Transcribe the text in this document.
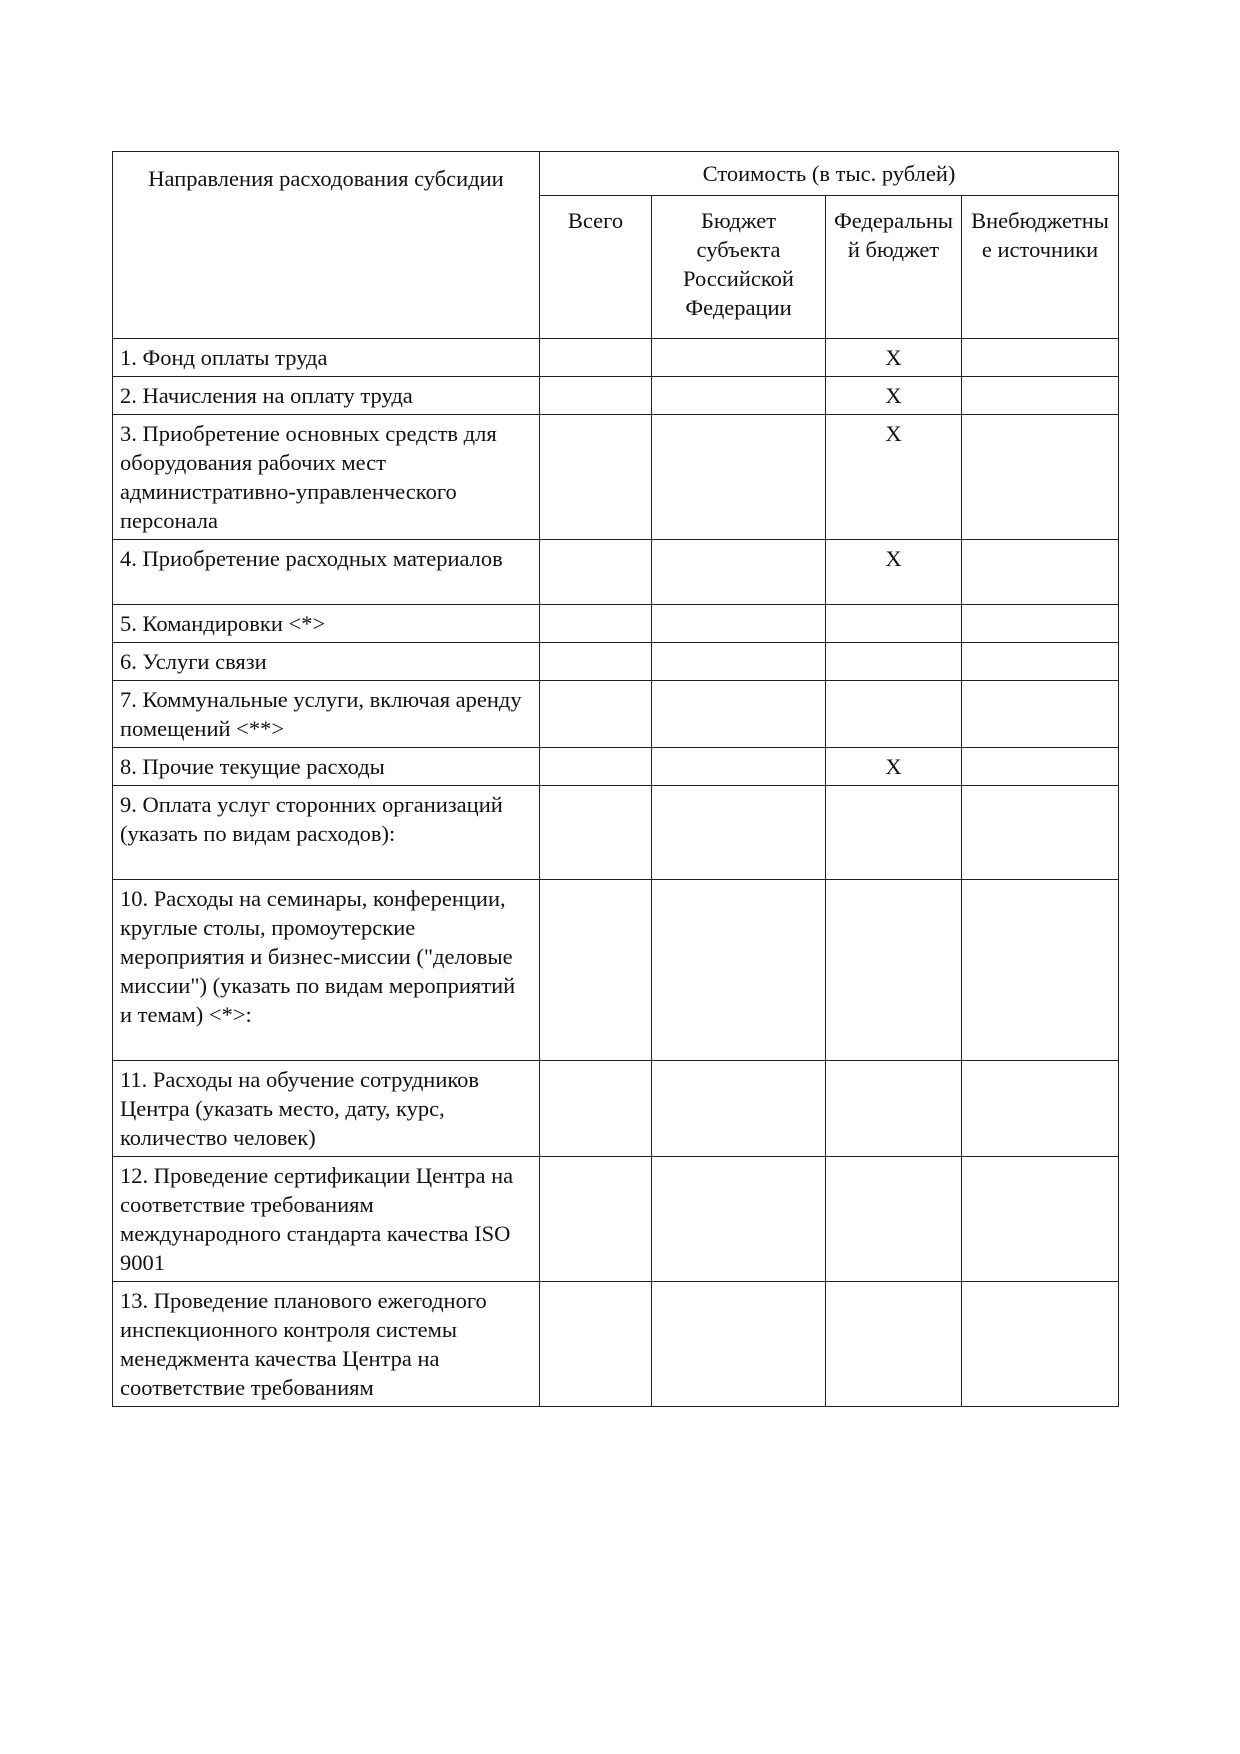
Направления расходования субсидии	Стоимость (в тыс. рублей)			
	Всего	Бюджет субъекта Российской Федерации	Федеральный бюджет	Внебюджетные источники
1. Фонд оплаты труда			X	
2. Начисления на оплату труда			X	
3. Приобретение основных средств для оборудования рабочих мест административно-управленческого персонала			X	
4. Приобретение расходных материалов			X	
5. Командировки <*>				
6. Услуги связи				
7. Коммунальные услуги, включая аренду помещений <**>				
8. Прочие текущие расходы			X	
9. Оплата услуг сторонних организаций (указать по видам расходов):				
10. Расходы на семинары, конференции, круглые столы, промоутерские мероприятия и бизнес-миссии ("деловые миссии") (указать по видам мероприятий и темам) <*>:				
11. Расходы на обучение сотрудников Центра (указать место, дату, курс, количество человек)				
12. Проведение сертификации Центра на соответствие требованиям международного стандарта качества ISO 9001				
13. Проведение планового ежегодного инспекционного контроля системы менеджмента качества Центра на соответствие требованиям				
